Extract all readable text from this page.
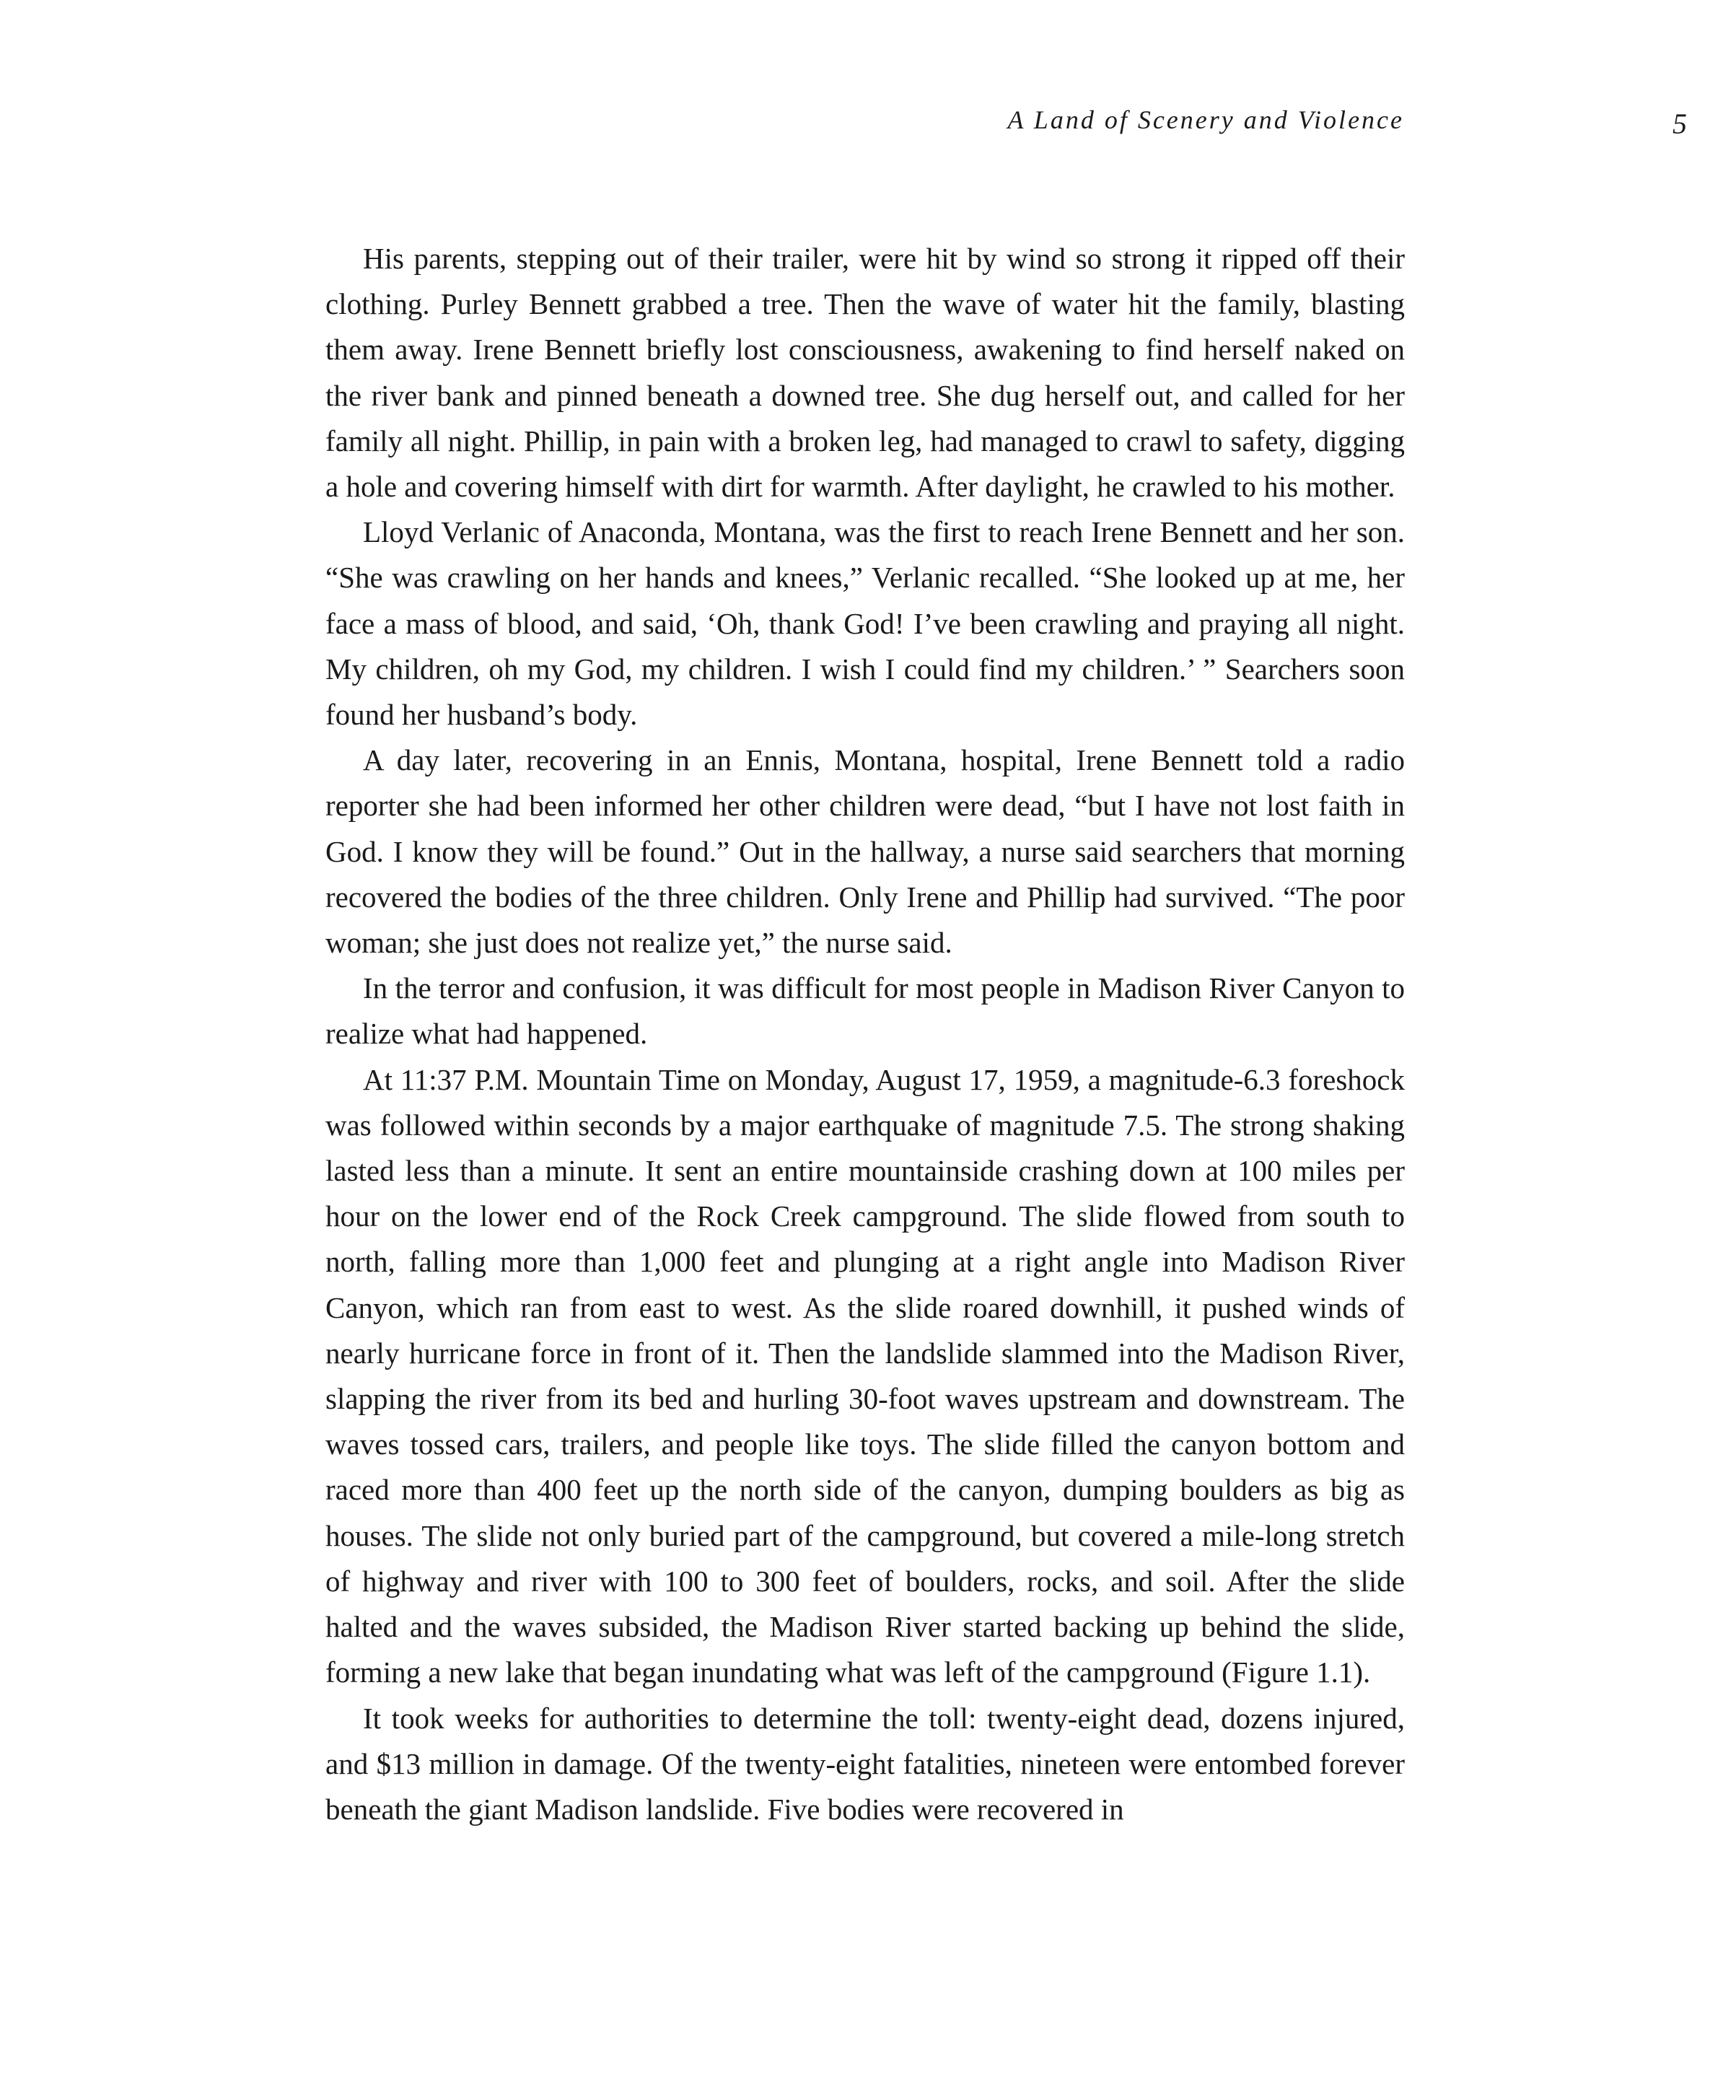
A Land of Scenery and Violence	5

His parents, stepping out of their trailer, were hit by wind so strong it ripped off their clothing. Purley Bennett grabbed a tree. Then the wave of water hit the family, blasting them away. Irene Bennett briefly lost consciousness, awakening to find herself naked on the river bank and pinned beneath a downed tree. She dug herself out, and called for her family all night. Phillip, in pain with a broken leg, had managed to crawl to safety, digging a hole and covering himself with dirt for warmth. After daylight, he crawled to his mother.

Lloyd Verlanic of Anaconda, Montana, was the first to reach Irene Bennett and her son. “She was crawling on her hands and knees,” Verlanic recalled. “She looked up at me, her face a mass of blood, and said, ‘Oh, thank God! I’ve been crawling and praying all night. My children, oh my God, my children. I wish I could find my children.’ ” Searchers soon found her husband’s body.

A day later, recovering in an Ennis, Montana, hospital, Irene Bennett told a radio reporter she had been informed her other children were dead, “but I have not lost faith in God. I know they will be found.” Out in the hallway, a nurse said searchers that morning recovered the bodies of the three children. Only Irene and Phillip had survived. “The poor woman; she just does not realize yet,” the nurse said.

In the terror and confusion, it was difficult for most people in Madison River Canyon to realize what had happened.

At 11:37 P.M. Mountain Time on Monday, August 17, 1959, a magnitude-6.3 foreshock was followed within seconds by a major earthquake of magnitude 7.5. The strong shaking lasted less than a minute. It sent an entire mountainside crashing down at 100 miles per hour on the lower end of the Rock Creek campground. The slide flowed from south to north, falling more than 1,000 feet and plunging at a right angle into Madison River Canyon, which ran from east to west. As the slide roared downhill, it pushed winds of nearly hurricane force in front of it. Then the landslide slammed into the Madison River, slapping the river from its bed and hurling 30-foot waves upstream and downstream. The waves tossed cars, trailers, and people like toys. The slide filled the canyon bottom and raced more than 400 feet up the north side of the canyon, dumping boulders as big as houses. The slide not only buried part of the campground, but covered a mile-long stretch of highway and river with 100 to 300 feet of boulders, rocks, and soil. After the slide halted and the waves subsided, the Madison River started backing up behind the slide, forming a new lake that began inundating what was left of the campground (Figure 1.1).

It took weeks for authorities to determine the toll: twenty-eight dead, dozens injured, and $13 million in damage. Of the twenty-eight fatalities, nineteen were entombed forever beneath the giant Madison landslide. Five bodies were recovered in
